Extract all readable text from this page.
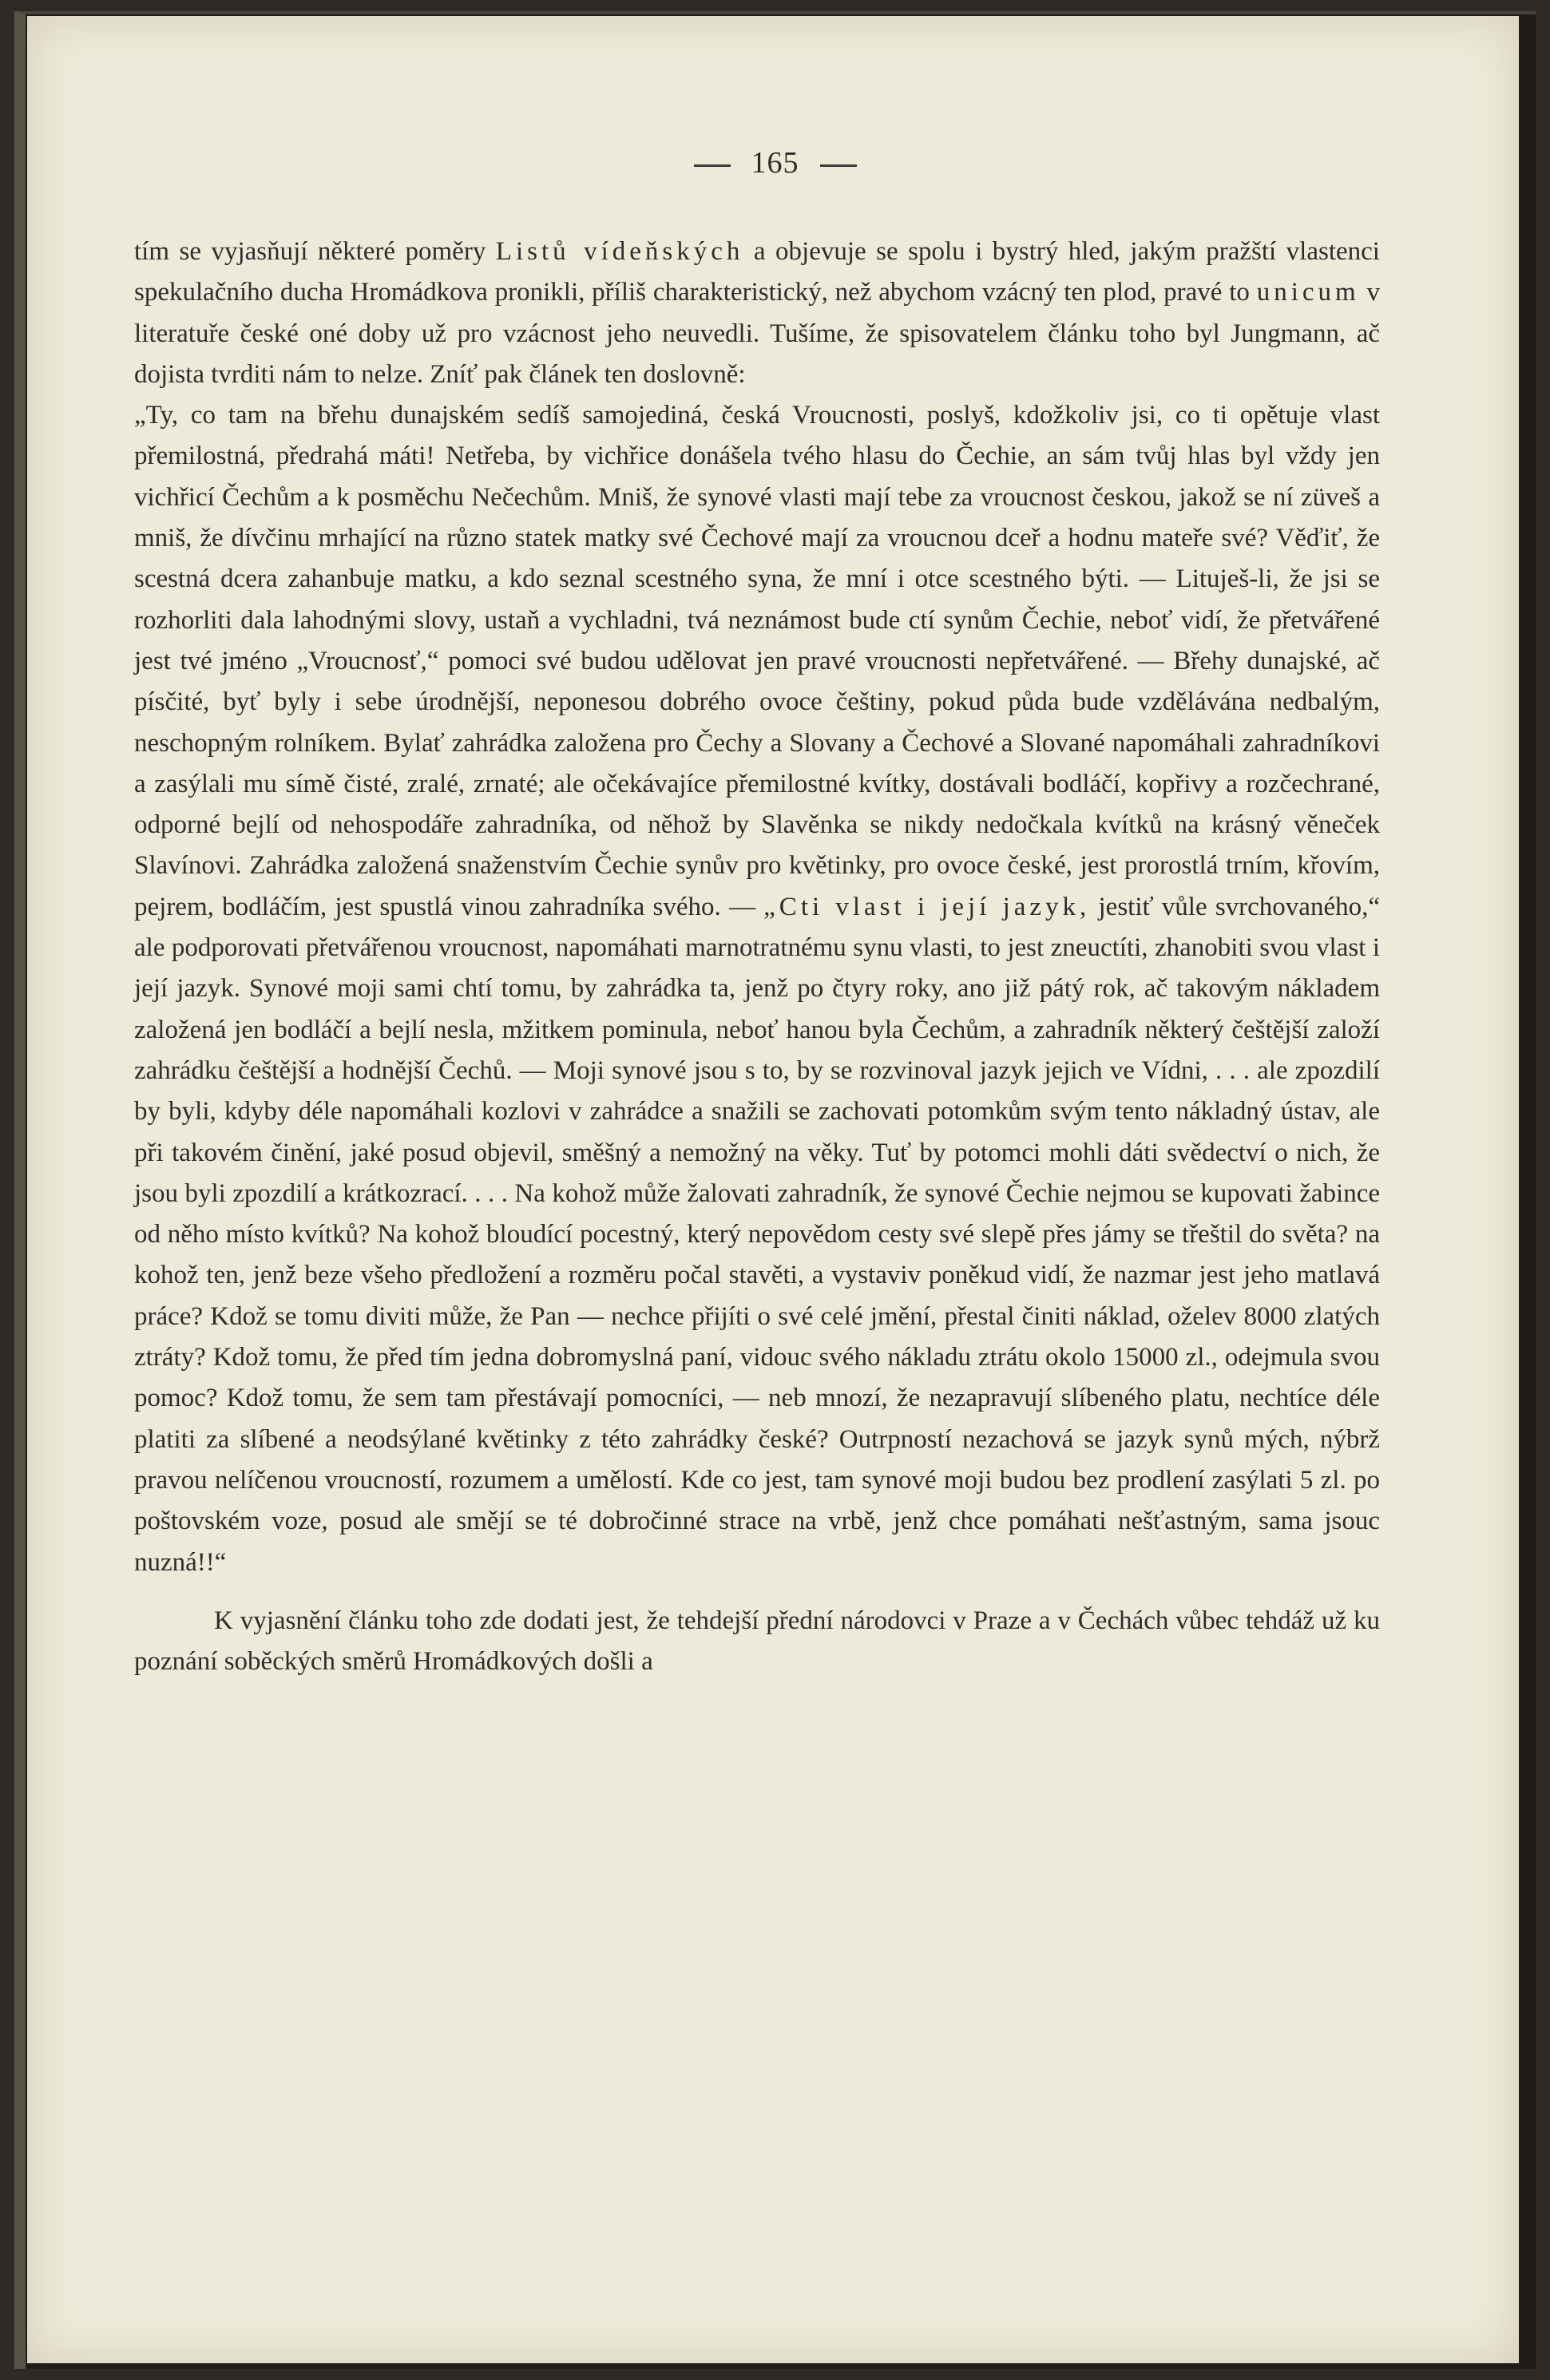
165

tím se vyjasňují některé poměry Listů vídeňských a objevuje se spolu i bystrý hled, jakým pražští vlastenci spekulačního ducha Hromádkova pronikli, příliš charakteristický, než abychom vzácný ten plod, pravé to unicum v literatuře české oné doby už pro vzácnost jeho neuvedli. Tušíme, že spisovatelem článku toho byl Jungmann, ač dojista tvrditi nám to nelze. Zníť pak článek ten doslovně:

„Ty, co tam na břehu dunajském sedíš samojediná, česká Vroucnosti, poslyš, kdožkoliv jsi, co ti opětuje vlast přemilostná, předrahá máti! Netřeba, by vichřice donášela tvého hlasu do Čechie, an sám tvůj hlas byl vždy jen vichřicí Čechům a k posměchu Nečechům. Mniš, že synové vlasti mají tebe za vroucnost českou, jakož se ní züveš a mniš, že dívčinu mrhající na různo statek matky své Čechové mají za vroucnou dceř a hodnu mateře své? Věďiť, že scestná dcera zahanbuje matku, a kdo seznal scestného syna, že mní i otce scestného býti. — Lituješ-li, že jsi se rozhorliti dala lahodnými slovy, ustaň a vychladni, tvá neznámost bude ctí synům Čechie, neboť vidí, že přetvářené jest tvé jméno „Vroucnosť,“ pomoci své budou udělovat jen pravé vroucnosti nepřetvářené. — Břehy dunajské, ač písčité, byť byly i sebe úrodnější, neponesou dobrého ovoce češtiny, pokud půda bude vzdělávána nedbalým, neschopným rolníkem. Bylať zahrádka založena pro Čechy a Slovany a Čechové a Slované napomáhali zahradníkovi a zasýlali mu símě čisté, zralé, zrnaté; ale očekávajíce přemilostné kvítky, dostávali bodláčí, kopřivy a rozčechrané, odporné bejlí od nehospodáře zahradníka, od něhož by Slavěnka se nikdy nedočkala kvítků na krásný věneček Slavínovi. Zahrádka založená snaženstvím Čechie synův pro květinky, pro ovoce české, jest prorostlá trním, křovím, pejrem, bodláčím, jest spustlá vinou zahradníka svého. — „Cti vlast i její jazyk, jestiť vůle svrchovaného,“ ale podporovati přetvářenou vroucnost, napomáhati marnotratnému synu vlasti, to jest zneuctíti, zhanobiti svou vlast i její jazyk. Synové moji sami chtí tomu, by zahrádka ta, jenž po čtyry roky, ano již pátý rok, ač takovým nákladem založená jen bodláčí a bejlí nesla, mžitkem pominula, neboť hanou byla Čechům, a zahradník některý češtější založí zahrádku češtější a hodnější Čechů. — Moji synové jsou s to, by se rozvinoval jazyk jejich ve Vídni, . . . ale zpozdilí by byli, kdyby déle napomáhali kozlovi v zahrádce a snažili se zachovati potomkům svým tento nákladný ústav, ale při takovém činění, jaké posud objevil, směšný a nemožný na věky. Tuť by potomci mohli dáti svědectví o nich, že jsou byli zpozdilí a krátkozrací. . . . Na kohož může žalovati zahradník, že synové Čechie nejmou se kupovati žabince od něho místo kvítků? Na kohož bloudící pocestný, který nepovědom cesty své slepě přes jámy se třeštil do světa? na kohož ten, jenž beze všeho předložení a rozměru počal stavěti, a vystaviv poněkud vidí, že nazmar jest jeho matlavá práce? Kdož se tomu diviti může, že Pan — nechce přijíti o své celé jmění, přestal činiti náklad, oželev 8000 zlatých ztráty? Kdož tomu, že před tím jedna dobromyslná paní, vidouc svého nákladu ztrátu okolo 15000 zl., odejmula svou pomoc? Kdož tomu, že sem tam přestávají pomocníci, — neb mnozí, že nezapravují slíbeného platu, nechtíce déle platiti za slíbené a neodsýlané květinky z této zahrádky české? Outrpností nezachová se jazyk synů mých, nýbrž pravou nelíčenou vroucností, rozumem a umělostí. Kde co jest, tam synové moji budou bez prodlení zasýlati 5 zl. po poštovském voze, posud ale smějí se té dobročinné strace na vrbě, jenž chce pomáhati nešťastným, sama jsouc nuzná!!“

K vyjasnění článku toho zde dodati jest, že tehdejší přední národovci v Praze a v Čechách vůbec tehdáž už ku poznání soběckých směrů Hromádkových došli a
